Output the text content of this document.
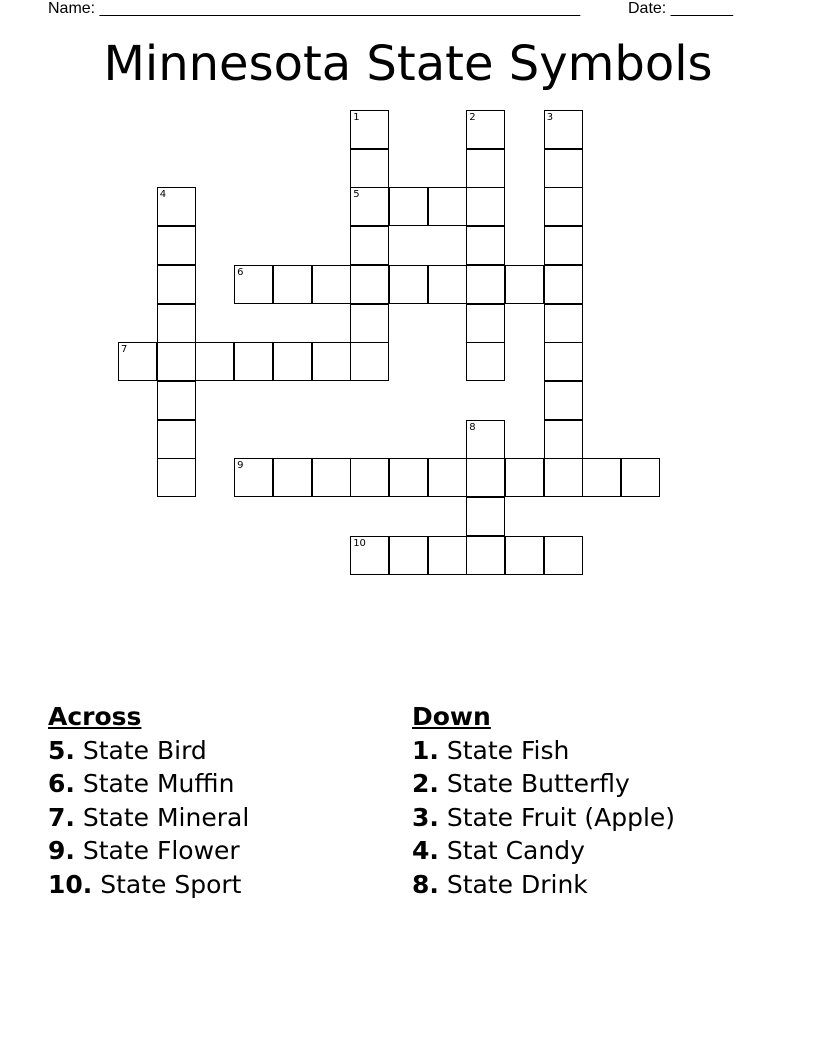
Name: ______________________________________________________	Date: _______
Minnesota State Symbols
1	2	3
4	5
6
7
8
9
10
Across
5. State Bird
6. State Muffin
7. State Mineral
9. State Flower
10. State Sport
Down
1. State Fish
2. State Butterfly
3. State Fruit (Apple)
4. Stat Candy
8. State Drink
